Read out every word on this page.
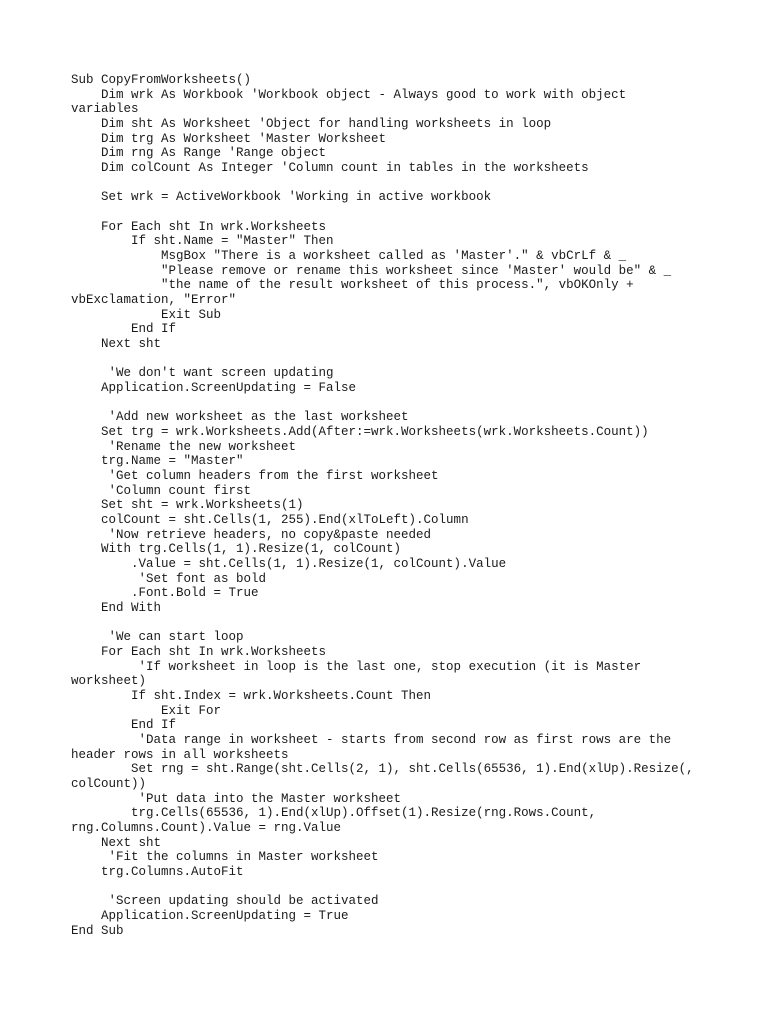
Sub CopyFromWorksheets()
Dim wrk As Workbook 'Workbook object - Always good to work with object
variables
Dim sht As Worksheet 'Object for handling worksheets in loop
Dim trg As Worksheet 'Master Worksheet
Dim rng As Range 'Range object
Dim colCount As Integer 'Column count in tables in the worksheets
Set wrk = ActiveWorkbook 'Working in active workbook
For Each sht In wrk.Worksheets
If sht.Name = "Master" Then
MsgBox "There is a worksheet called as 'Master'." & vbCrLf & _
"Please remove or rename this worksheet since 'Master' would be" & _
"the name of the result worksheet of this process.", vbOKOnly +
vbExclamation, "Error"
Exit Sub
End If
Next sht
'We don't want screen updating
Application.ScreenUpdating = False
'Add new worksheet as the last worksheet
Set trg = wrk.Worksheets.Add(After:=wrk.Worksheets(wrk.Worksheets.Count))
'Rename the new worksheet
trg.Name = "Master"
'Get column headers from the first worksheet
'Column count first
Set sht = wrk.Worksheets(1)
colCount = sht.Cells(1, 255).End(xlToLeft).Column
'Now retrieve headers, no copy&paste needed
With trg.Cells(1, 1).Resize(1, colCount)
.Value = sht.Cells(1, 1).Resize(1, colCount).Value
'Set font as bold
.Font.Bold = True
End With
'We can start loop
For Each sht In wrk.Worksheets
'If worksheet in loop is the last one, stop execution (it is Master
worksheet)
If sht.Index = wrk.Worksheets.Count Then
Exit For
End If
'Data range in worksheet - starts from second row as first rows are the
header rows in all worksheets
Set rng = sht.Range(sht.Cells(2, 1), sht.Cells(65536, 1).End(xlUp).Resize(,
colCount))
'Put data into the Master worksheet
trg.Cells(65536, 1).End(xlUp).Offset(1).Resize(rng.Rows.Count,
rng.Columns.Count).Value = rng.Value
Next sht
'Fit the columns in Master worksheet
trg.Columns.AutoFit
'Screen updating should be activated
Application.ScreenUpdating = True
End Sub
